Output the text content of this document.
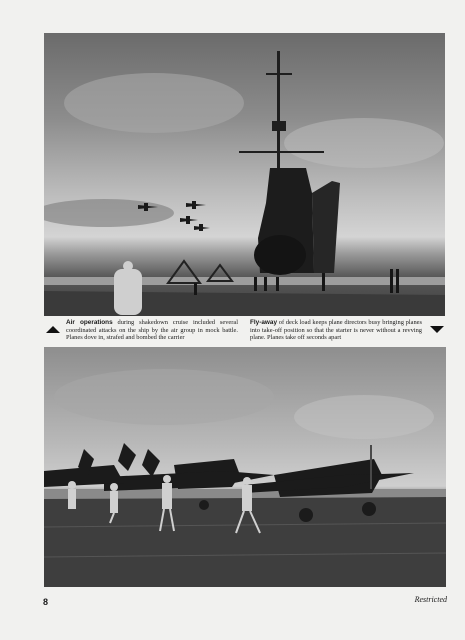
Air operations during shakedown cruise included several coordinated attacks on the ship by the air group in mock battle. Planes dove in, strafed and bombed the carrier

Fly-away of deck load keeps plane directors busy bringing planes into take-off position so that the starter is never without a revving plane. Planes take off seconds apart

8	Restricted
